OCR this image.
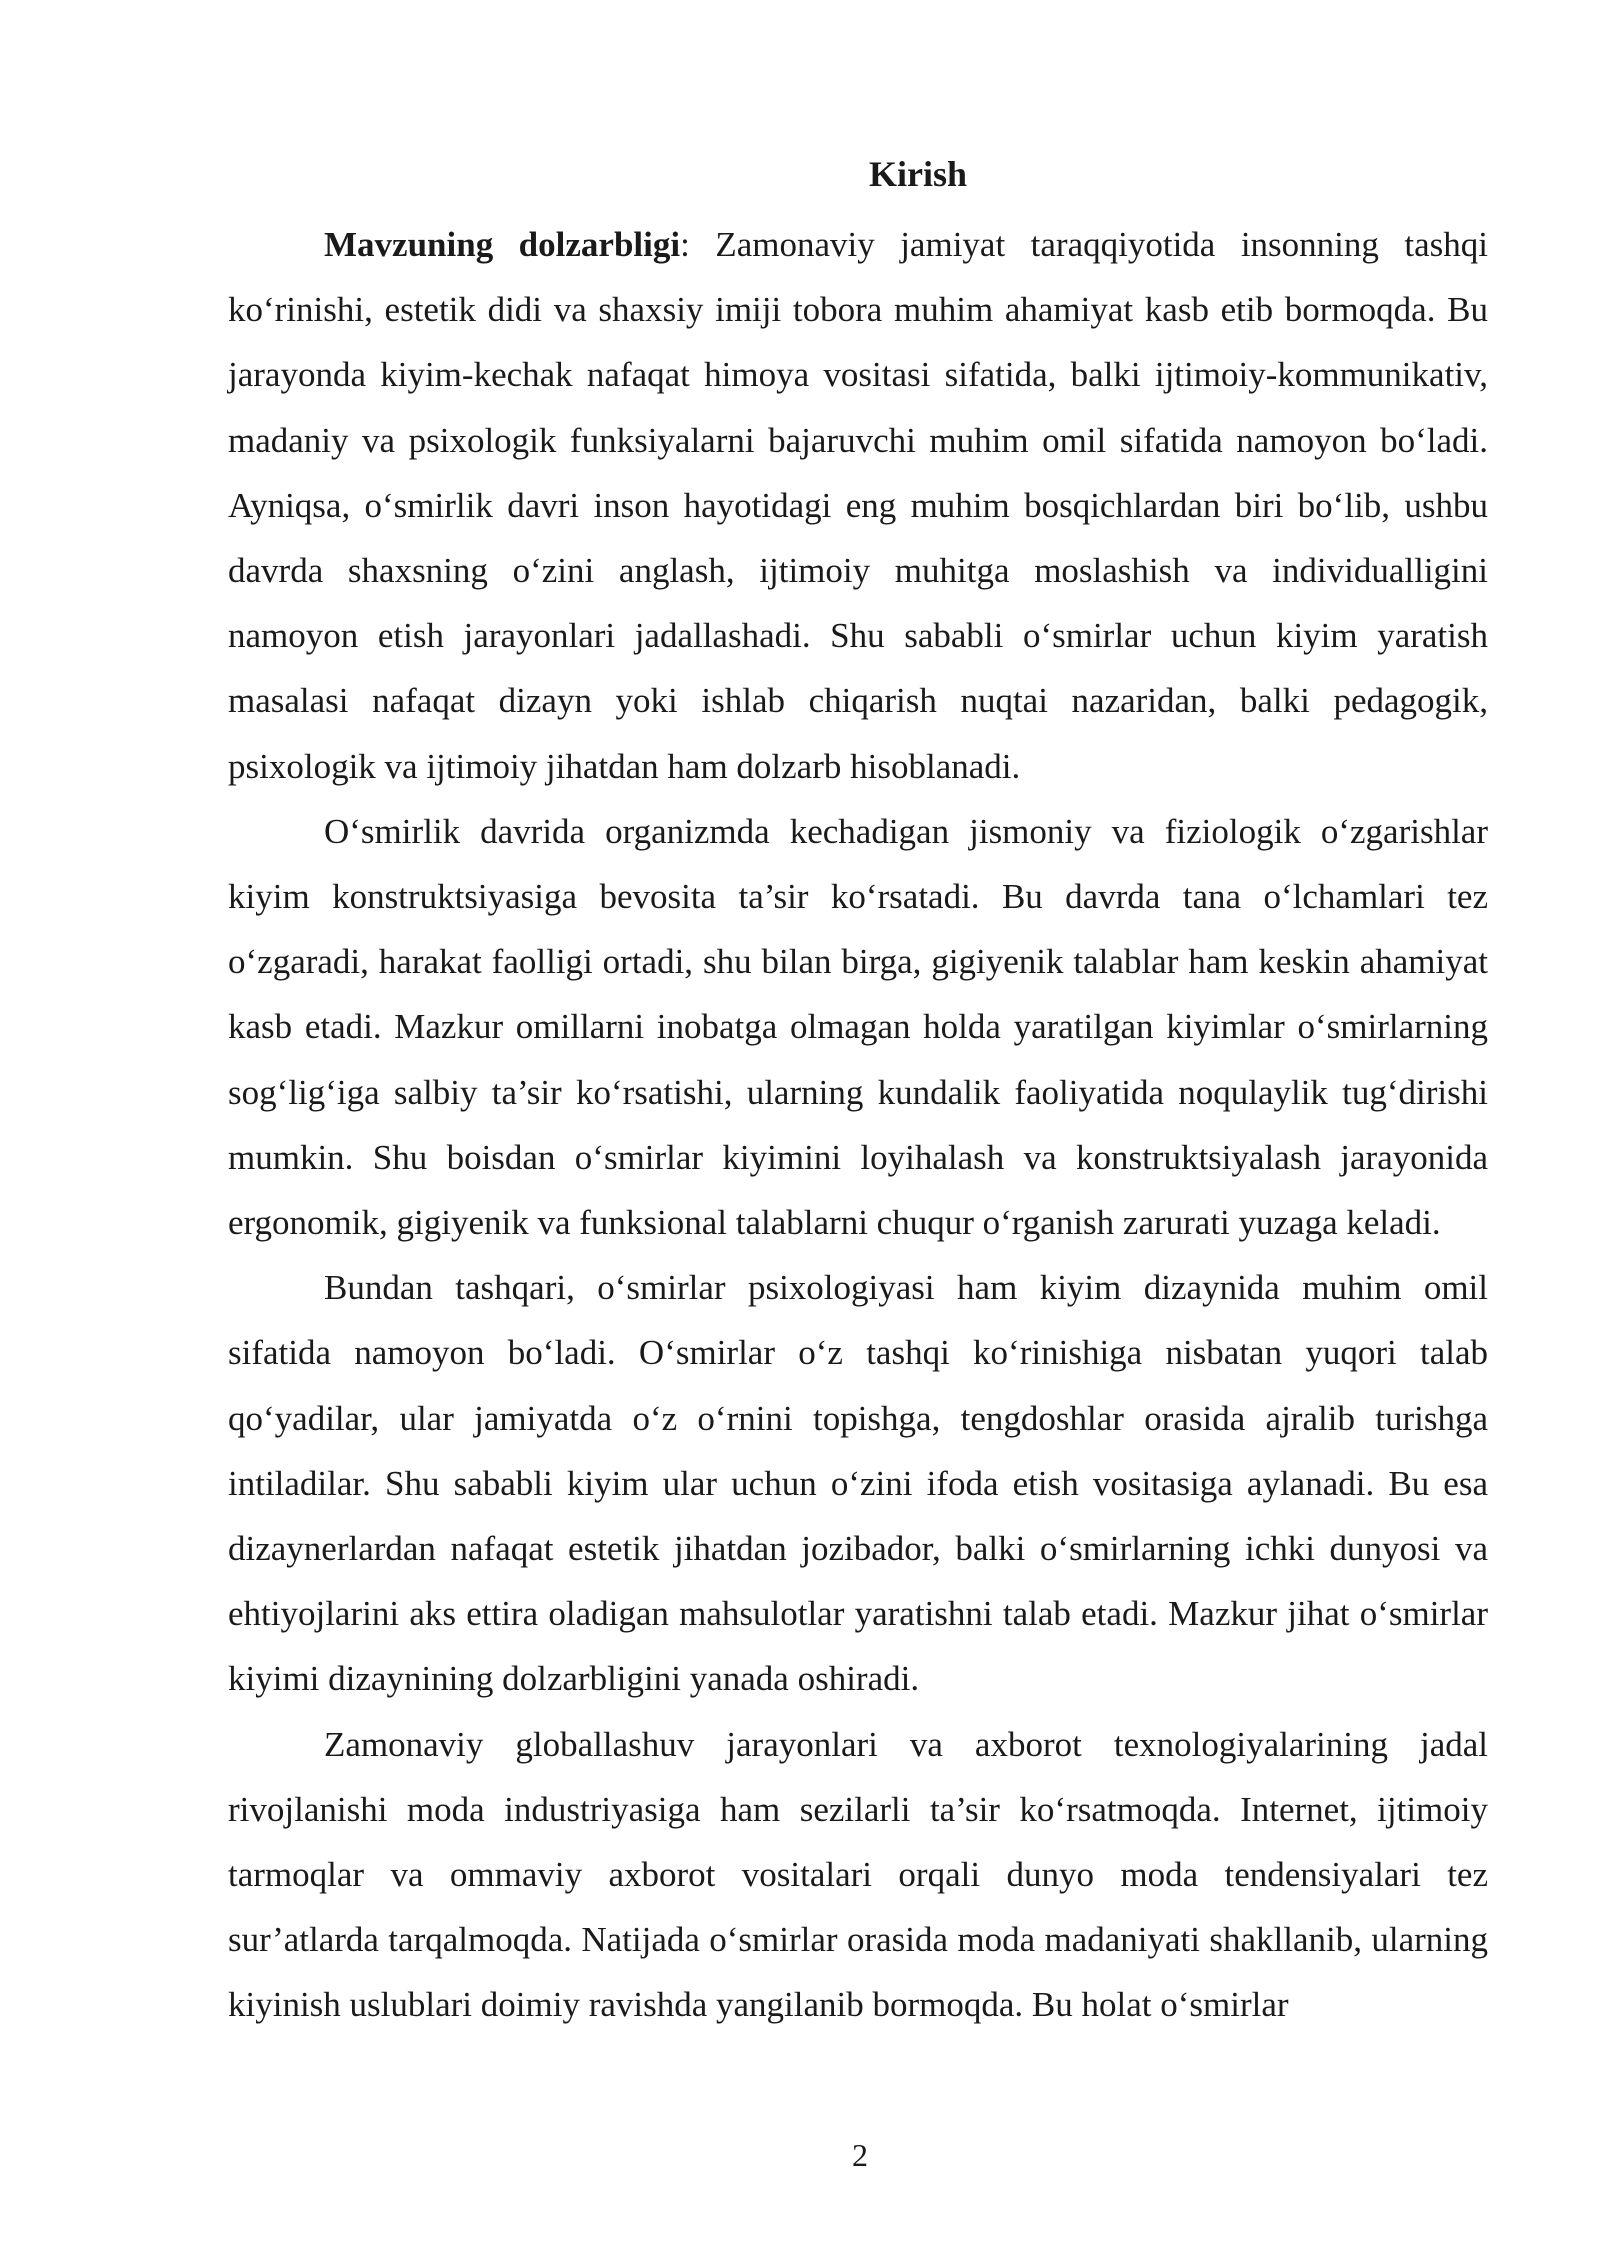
Kirish

Mavzuning dolzarbligi: Zamonaviy jamiyat taraqqiyotida insonning tashqi ko‘rinishi, estetik didi va shaxsiy imiji tobora muhim ahamiyat kasb etib bormoqda. Bu jarayonda kiyim-kechak nafaqat himoya vositasi sifatida, balki ijtimoiy-kommunikativ, madaniy va psixologik funksiyalarni bajaruvchi muhim omil sifatida namoyon bo‘ladi. Ayniqsa, o‘smirlik davri inson hayotidagi eng muhim bosqichlardan biri bo‘lib, ushbu davrda shaxsning o‘zini anglash, ijtimoiy muhitga moslashish va individualligini namoyon etish jarayonlari jadallashadi. Shu sababli o‘smirlar uchun kiyim yaratish masalasi nafaqat dizayn yoki ishlab chiqarish nuqtai nazaridan, balki pedagogik, psixologik va ijtimoiy jihatdan ham dolzarb hisoblanadi.

O‘smirlik davrida organizmda kechadigan jismoniy va fiziologik o‘zgarishlar kiyim konstruktsiyasiga bevosita ta’sir ko‘rsatadi. Bu davrda tana o‘lchamlari tez o‘zgaradi, harakat faolligi ortadi, shu bilan birga, gigiyenik talablar ham keskin ahamiyat kasb etadi. Mazkur omillarni inobatga olmagan holda yaratilgan kiyimlar o‘smirlarning sog‘lig‘iga salbiy ta’sir ko‘rsatishi, ularning kundalik faoliyatida noqulaylik tug‘dirishi mumkin. Shu boisdan o‘smirlar kiyimini loyihalash va konstruktsiyalash jarayonida ergonomik, gigiyenik va funksional talablarni chuqur o‘rganish zarurati yuzaga keladi.

Bundan tashqari, o‘smirlar psixologiyasi ham kiyim dizaynida muhim omil sifatida namoyon bo‘ladi. O‘smirlar o‘z tashqi ko‘rinishiga nisbatan yuqori talab qo‘yadilar, ular jamiyatda o‘z o‘rnini topishga, tengdoshlar orasida ajralib turishga intiladilar. Shu sababli kiyim ular uchun o‘zini ifoda etish vositasiga aylanadi. Bu esa dizaynerlardan nafaqat estetik jihatdan jozibador, balki o‘smirlarning ichki dunyosi va ehtiyojlarini aks ettira oladigan mahsulotlar yaratishni talab etadi. Mazkur jihat o‘smirlar kiyimi dizaynining dolzarbligini yanada oshiradi.

Zamonaviy globallashuv jarayonlari va axborot texnologiyalarining jadal rivojlanishi moda industriyasiga ham sezilarli ta’sir ko‘rsatmoqda. Internet, ijtimoiy tarmoqlar va ommaviy axborot vositalari orqali dunyo moda tendensiyalari tez sur’atlarda tarqalmoqda. Natijada o‘smirlar orasida moda madaniyati shakllanib, ularning kiyinish uslublari doimiy ravishda yangilanib bormoqda. Bu holat o‘smirlar

2
